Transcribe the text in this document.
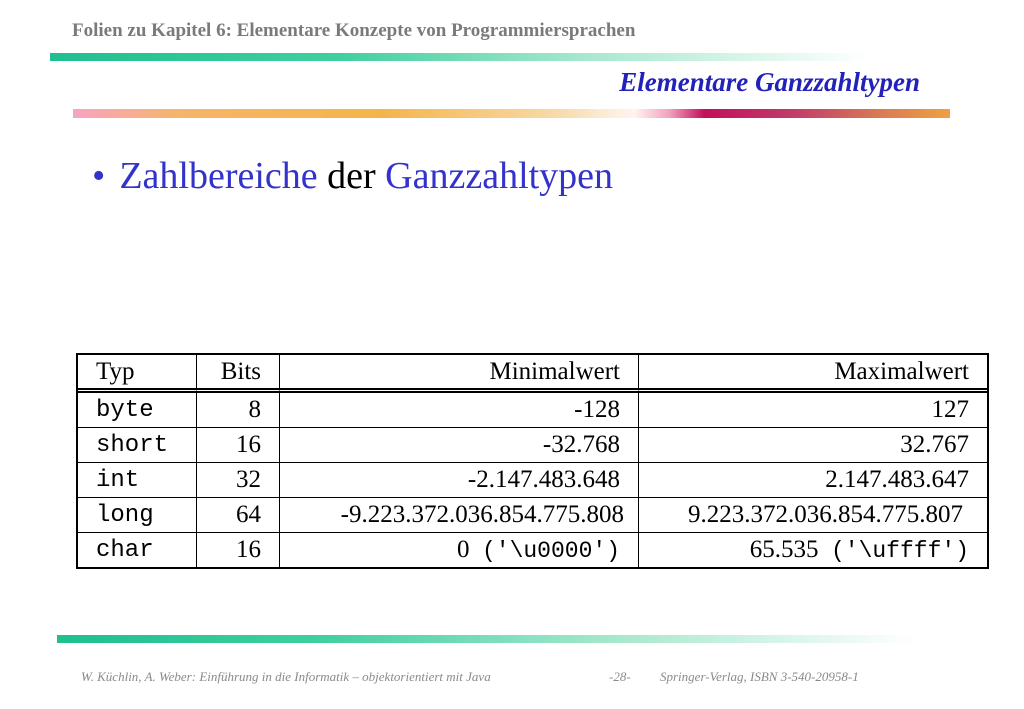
Folien zu Kapitel 6: Elementare Konzepte von Programmiersprachen
Elementare Ganzzahltypen
• Zahlbereiche der Ganzzahltypen
Typ	Bits	Minimalwert	Maximalwert
byte	8	-128	127
short	16	-32.768	32.767
int	32	-2.147.483.648	2.147.483.647
long	64	-9.223.372.036.854.775.808	9.223.372.036.854.775.807
char	16	0 ('\u0000')	65.535 ('\uffff')
W. Küchlin, A. Weber: Einführung in die Informatik – objektorientiert mit Java	-28- Springer-Verlag, ISBN 3-540-20958-1
